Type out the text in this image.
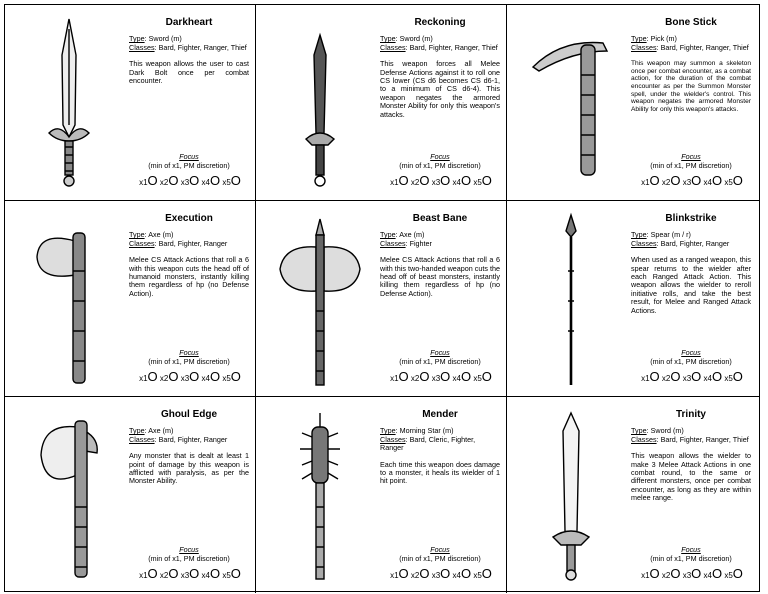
Darkheart
Type: Sword (m)
Classes: Bard, Fighter, Ranger, Thief
This weapon allows the user to cast Dark Bolt once per combat encounter.
Focus
(min of x1, PM discretion)
x1O x2O x3O x4O x5O
Reckoning
Type: Sword (m)
Classes: Bard, Fighter, Ranger, Thief
This weapon forces all Melee Defense Actions against it to roll one CS lower (CS d6 becomes CS d6-1, to a minimum of CS d6-4). This weapon negates the armored Monster Ability for only this weapon's attacks.
Focus
(min of x1, PM discretion)
x1O x2O x3O x4O x5O
Bone Stick
Type: Pick (m)
Classes: Bard, Fighter, Ranger, Thief
This weapon may summon a skeleton once per combat encounter, as a combat action, for the duration of the combat encounter as per the Summon Monster spell, under the wielder's control. This weapon negates the armored Monster Ability for only this weapon's attacks.
Focus
(min of x1, PM discretion)
x1O x2O x3O x4O x5O
Execution
Type: Axe (m)
Classes: Bard, Fighter, Ranger
Melee CS Attack Actions that roll a 6 with this weapon cuts the head off of humanoid monsters, instantly killing them regardless of hp (no Defense Action).
Focus
(min of x1, PM discretion)
x1O x2O x3O x4O x5O
Beast Bane
Type: Axe (m)
Classes: Fighter
Melee CS Attack Actions that roll a 6 with this two-handed weapon cuts the head off of beast monsters, instantly killing them regardless of hp (no Defense Action).
Focus
(min of x1, PM discretion)
x1O x2O x3O x4O x5O
Blinkstrike
Type: Spear (m / r)
Classes: Bard, Fighter, Ranger
When used as a ranged weapon, this spear returns to the wielder after each Ranged Attack Action. This weapon allows the wielder to reroll initiative rolls, and take the best result, for Melee and Ranged Attack Actions.
Focus
(min of x1, PM discretion)
x1O x2O x3O x4O x5O
Ghoul Edge
Type: Axe (m)
Classes: Bard, Fighter, Ranger
Any monster that is dealt at least 1 point of damage by this weapon is afflicted with paralysis, as per the Monster Ability.
Focus
(min of x1, PM discretion)
x1O x2O x3O x4O x5O
Mender
Type: Morning Star (m)
Classes: Bard, Cleric, Fighter, Ranger
Each time this weapon does damage to a monster, it heals its wielder of 1 hit point.
Focus
(min of x1, PM discretion)
x1O x2O x3O x4O x5O
Trinity
Type: Sword (m)
Classes: Bard, Fighter, Ranger, Thief
This weapon allows the wielder to make 3 Melee Attack Actions in one combat round, to the same or different monsters, once per combat encounter, as long as they are within melee range.
Focus
(min of x1, PM discretion)
x1O x2O x3O x4O x5O
